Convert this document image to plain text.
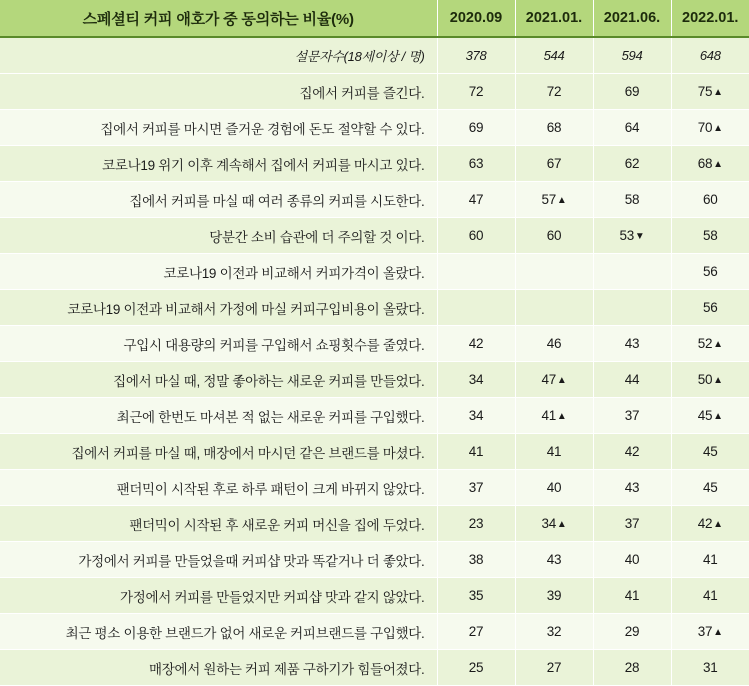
스페셜티 커피 애호가 중 동의하는 비율(%)	2020.09	2021.01.	2021.06.	2022.01.
설문자수(18세이상 / 명)	378	544	594	648
집에서 커피를 즐긴다.	72	72	69	75▲
집에서 커피를 마시면 즐거운 경험에 돈도 절약할 수 있다.	69	68	64	70▲
코로나19 위기 이후 계속해서 집에서 커피를 마시고 있다.	63	67	62	68▲
집에서 커피를 마실 때 여러 종류의 커피를 시도한다.	47	57▲	58	60
당분간 소비 습관에 더 주의할 것 이다.	60	60	53▼	58
코로나19 이전과 비교해서 커피가격이 올랐다.				56
코로나19 이전과 비교해서 가정에 마실 커피구입비용이 올랐다.				56
구입시 대용량의 커피를 구입해서 쇼핑횟수를 줄였다.	42	46	43	52▲
집에서 마실 때, 정말 좋아하는 새로운 커피를 만들었다.	34	47▲	44	50▲
최근에 한번도 마셔본 적 없는 새로운 커피를 구입했다.	34	41▲	37	45▲
집에서 커피를 마실 때, 매장에서 마시던 같은 브랜드를 마셨다.	41	41	42	45
팬더믹이 시작된 후로 하루 패턴이 크게 바뀌지 않았다.	37	40	43	45
팬더믹이 시작된 후 새로운 커피 머신을 집에 두었다.	23	34▲	37	42▲
가정에서 커피를 만들었을때 커피샵 맛과 똑같거나 더 좋았다.	38	43	40	41
가정에서 커피를 만들었지만 커피샵 맛과 같지 않았다.	35	39	41	41
최근 평소 이용한 브랜드가 없어 새로운 커피브랜드를 구입했다.	27	32	29	37▲
매장에서 원하는 커피 제품 구하기가 힘들어졌다.	25	27	28	31
